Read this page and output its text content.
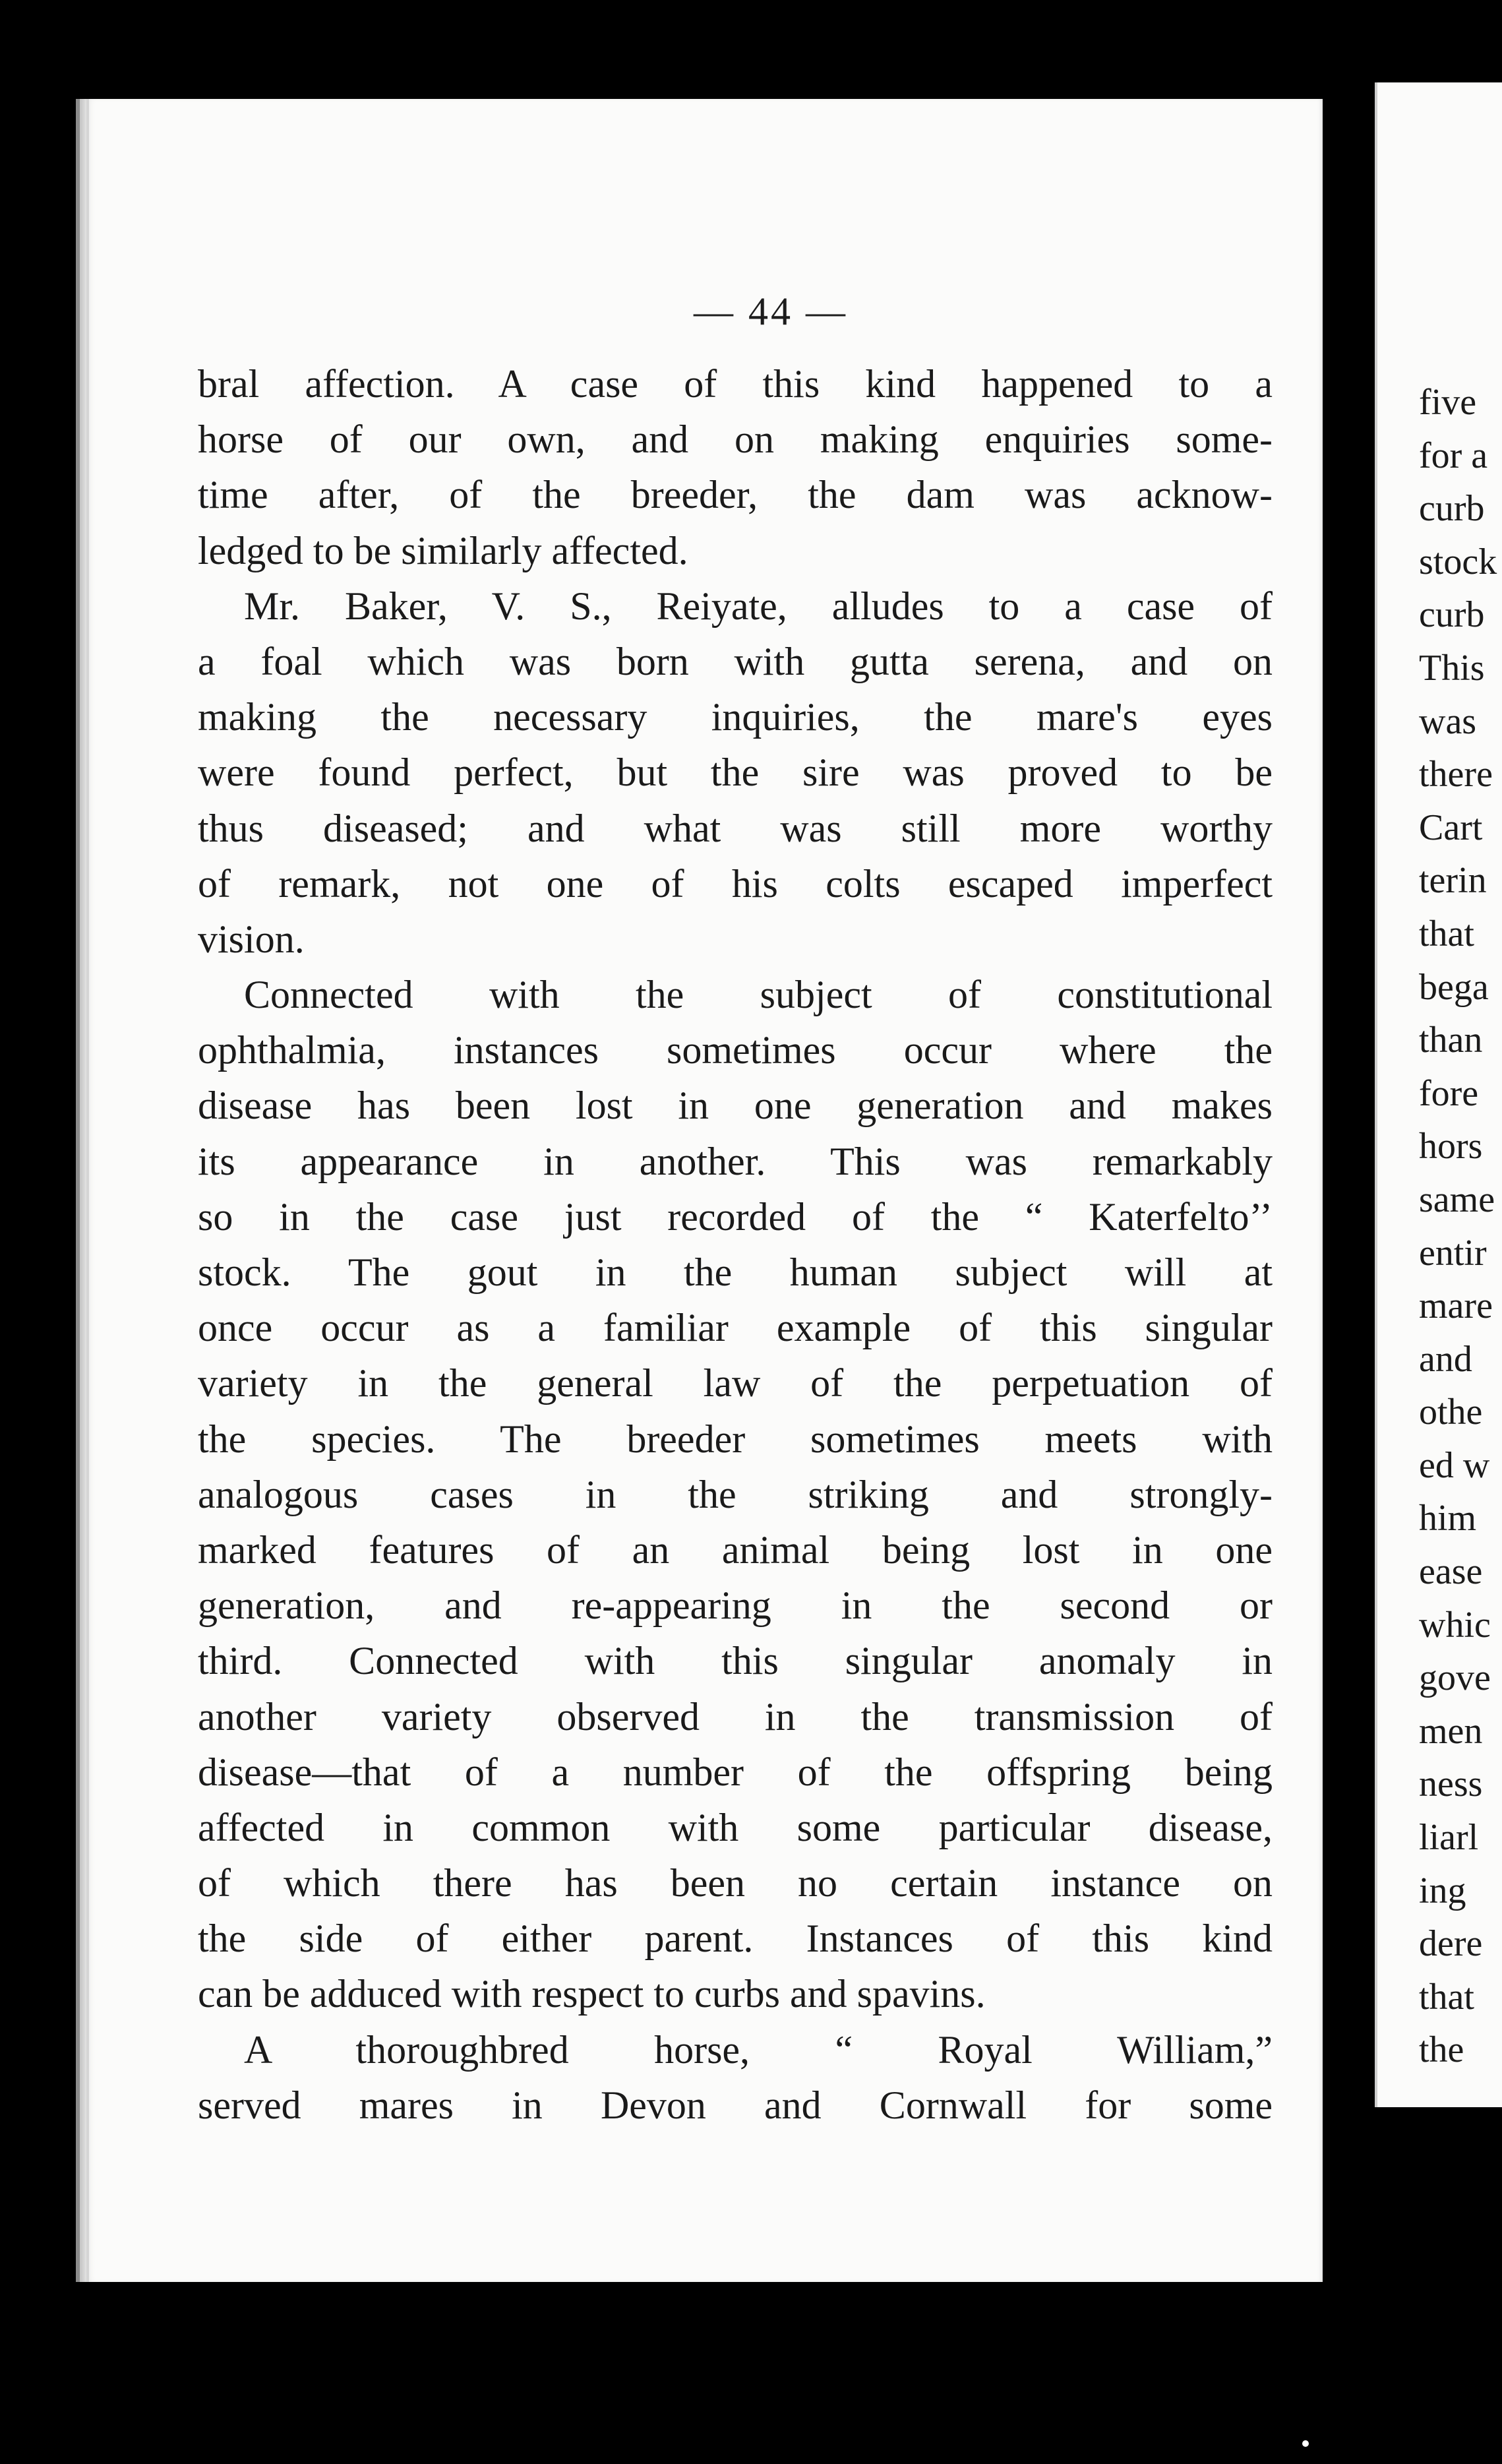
— 44 —
bral affection. A case of this kind happened to a
horse of our own, and on making enquiries some-
time after, of the breeder, the dam was acknow-
ledged to be similarly affected.
Mr. Baker, V. S., Reiyate, alludes to a case of
a foal which was born with gutta serena, and on
making the necessary inquiries, the mare's eyes
were found perfect, but the sire was proved to be
thus diseased; and what was still more worthy
of remark, not one of his colts escaped imperfect
vision.
Connected with the subject of constitutional
ophthalmia, instances sometimes occur where the
disease has been lost in one generation and makes
its appearance in another. This was remarkably
so in the case just recorded of the “ Katerfelto’’
stock. The gout in the human subject will at
once occur as a familiar example of this singular
variety in the general law of the perpetuation of
the species. The breeder sometimes meets with
analogous cases in the striking and strongly-
marked features of an animal being lost in one
generation, and re-appearing in the second or
third. Connected with this singular anomaly in
another variety observed in the transmission of
disease—that of a number of the offspring being
affected in common with some particular disease,
of which there has been no certain instance on
the side of either parent. Instances of this kind
can be adduced with respect to curbs and spavins.
A thoroughbred horse, “ Royal William,”
served mares in Devon and Cornwall for some
five
for a
curb
stock
curb
This
was
there
Cart
terin
that
bega
than
fore
hors
same
entir
mare
and
othe
ed w
him
ease
whic
gove
men
ness
liarl
ing
dere
that
the
